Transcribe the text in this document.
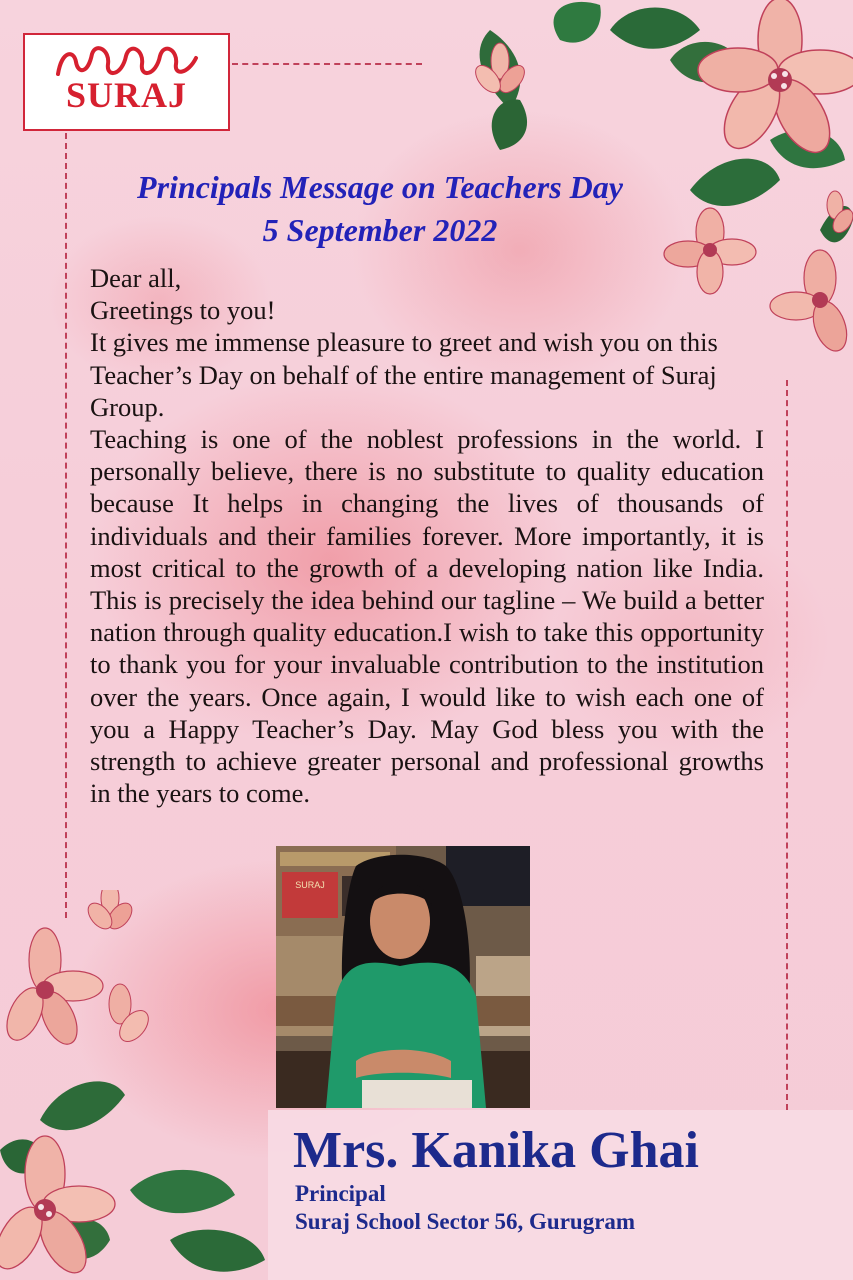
SURAJ
Principals Message on Teachers Day
5 September 2022

Dear all,

Greetings to you!

It gives me immense pleasure to greet and wish you on this Teacher’s Day on behalf of the entire management of Suraj Group.

Teaching is one of the noblest professions in the world. I personally believe, there is no substitute to quality education because It helps in changing the lives of thousands of individuals and their families forever. More importantly, it is most critical to the growth of a developing nation like India. This is precisely the idea behind our tagline – We build a better nation through quality education.I wish to take this opportunity to thank you for your invaluable contribution to the institution over the years. Once again, I would like to wish each one of you a Happy Teacher’s Day. May God bless you with the strength to achieve greater personal and professional growths in the years to come.

SURAJ
Mrs. Kanika Ghai
Principal
Suraj School Sector 56, Gurugram
